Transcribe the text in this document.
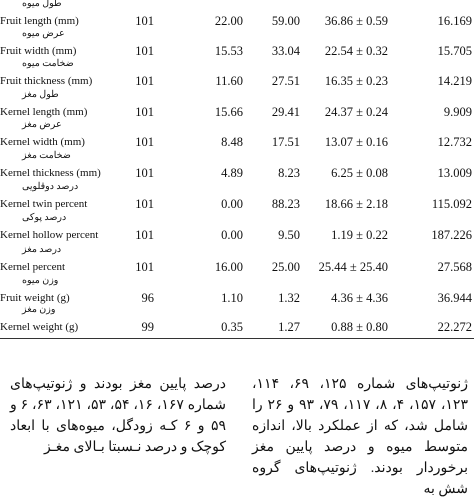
طول میوه
Fruit length (mm)	101	22.00 59.00 36.86 ± 0.59	16.169
عرض میوه
Fruit width (mm)	101	15.53 33.04 22.54 ± 0.32	15.705
ضخامت میوه
Fruit thickness (mm)	101	11.60 27.51 16.35 ± 0.23	14.219
طول مغز
Kernel length (mm)	101	15.66 29.41 24.37 ± 0.24	9.909
عرض مغز
Kernel width (mm)	101	8.48 17.51 13.07 ± 0.16	12.732
ضخامت مغز
Kernel thickness (mm)	101	4.89	8.23 6.25 ± 0.08	13.009
درصد دوقلویی
Kernel twin percent	101	0.00 88.23 18.66 ± 2.18	115.092
درصد پوکی
Kernel hollow percent	101	0.00	9.50 1.19 ± 0.22	187.226
درصد مغز
Kernel percent	101	16.00 25.00 25.44 ± 25.40	27.568
وزن میوه
Fruit weight (g)	96	1.10	1.32 4.36 ± 4.36	36.944
وزن مغز
Kernel weight (g)	99	0.35	1.27 0.88 ± 0.80	22.272
ژنوتیپ‌های شماره ۱۲۵، ۶۹، ۱۱۴، ۱۲۳، ۱۵۷، ۴، ۸، ۱۱۷، ۷۹، ۹۳ و ۲۶ را شامل شد، که از عملکرد بالا، اندازه متوسط میوه و درصد پایین مغز برخوردار بودند. ژنوتیپ‌های گروه شش به
درصد پایین مغز بودند و ژنوتیپ‌های شماره ۱۶۷، ۱۶، ۵۴، ۵۳، ۱۲۱، ۶۳، ۶ و ۵۹ و ۶ کـه زودگل، میوه‌های با ابعاد کوچک و درصد نـسبتا بـالای مغـز
